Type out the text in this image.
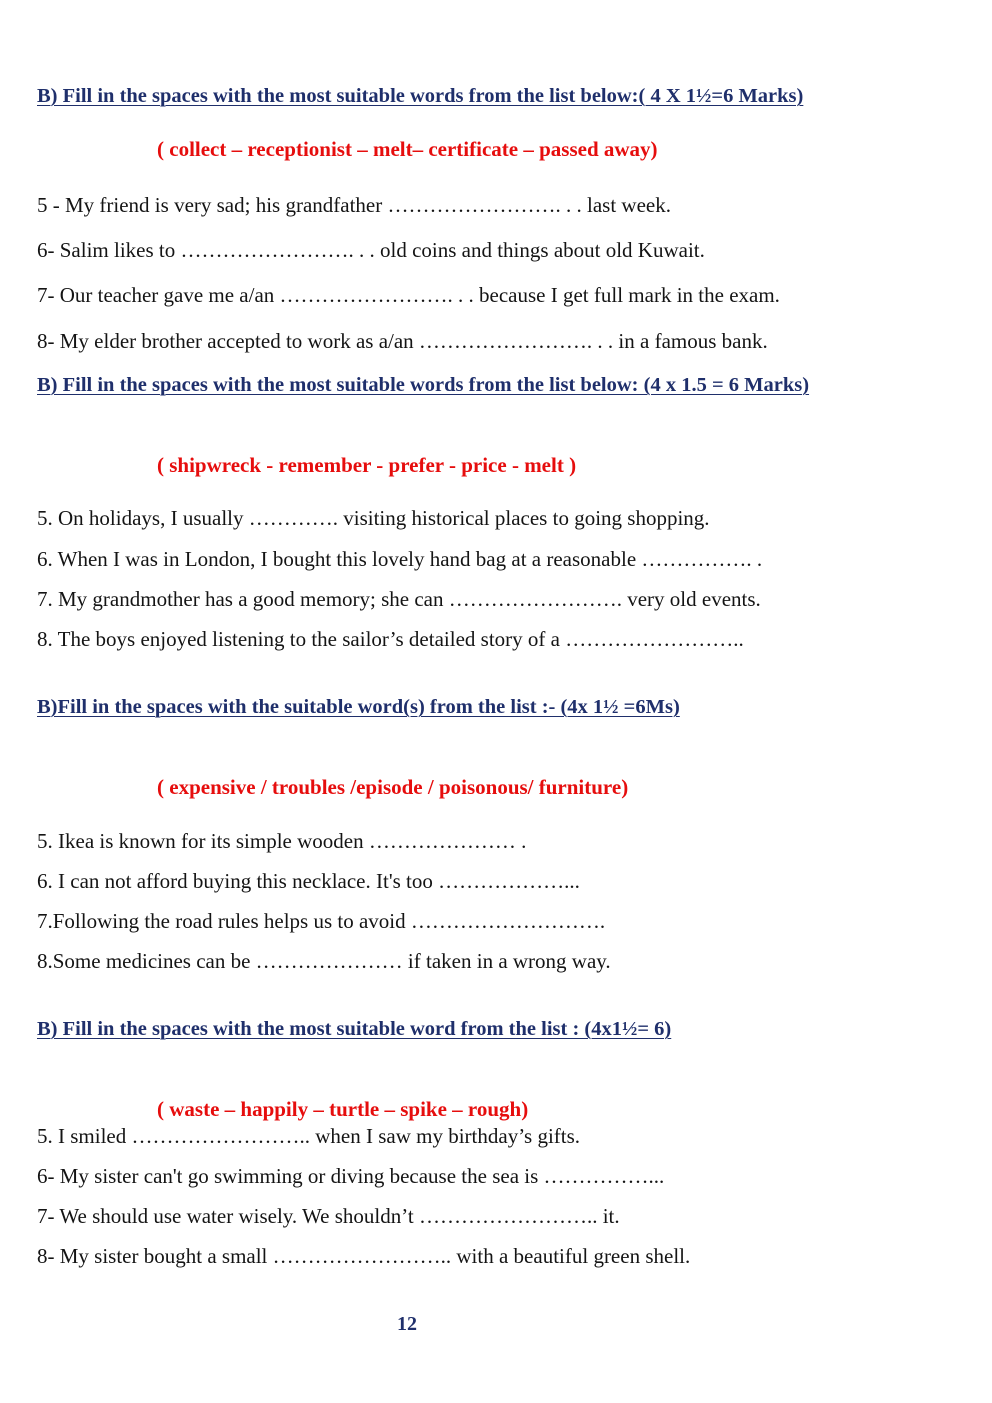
B) Fill in the spaces with the most suitable words from the list below:( 4 X 1½=6 Marks)
( collect – receptionist – melt– certificate – passed away)
5 - My friend is very sad; his grandfather ……………………. . . last week.
6- Salim likes to ……………………. . . old coins and things about old Kuwait.
7- Our teacher gave me a/an ……………………. . . because I get full mark in the exam.
8- My elder brother accepted to work as a/an ……………………. . . in a famous bank.
B) Fill in the spaces with the most suitable words from the list below: (4 x 1.5 = 6 Marks)
( shipwreck - remember - prefer - price - melt )
5. On holidays, I usually …………. visiting historical places to going shopping.
6. When I was in London, I bought this lovely hand bag at a reasonable ……………. .
7. My grandmother has a good memory; she can ……………………. very old events.
8. The boys enjoyed listening to the sailor’s detailed story of a ……………………..
B)Fill in the spaces with the suitable word(s) from the list :- (4x 1½ =6Ms)
( expensive / troubles /episode / poisonous/ furniture)
5. Ikea is known for its simple wooden ………………… .
6. I can not afford buying this necklace. It's too ………………...
7.Following the road rules helps us to avoid ……………………….
8.Some medicines can be ………………… if taken in a wrong way.
B) Fill in the spaces with the most suitable word from the list : (4x1½= 6)
( waste – happily – turtle – spike – rough)
5. I smiled …………………….. when I saw my birthday’s gifts.
6- My sister can't go swimming or diving because the sea is ……………...
7- We should use water wisely. We shouldn’t …………………….. it.
8- My sister bought a small …………………….. with a beautiful green shell.
12
